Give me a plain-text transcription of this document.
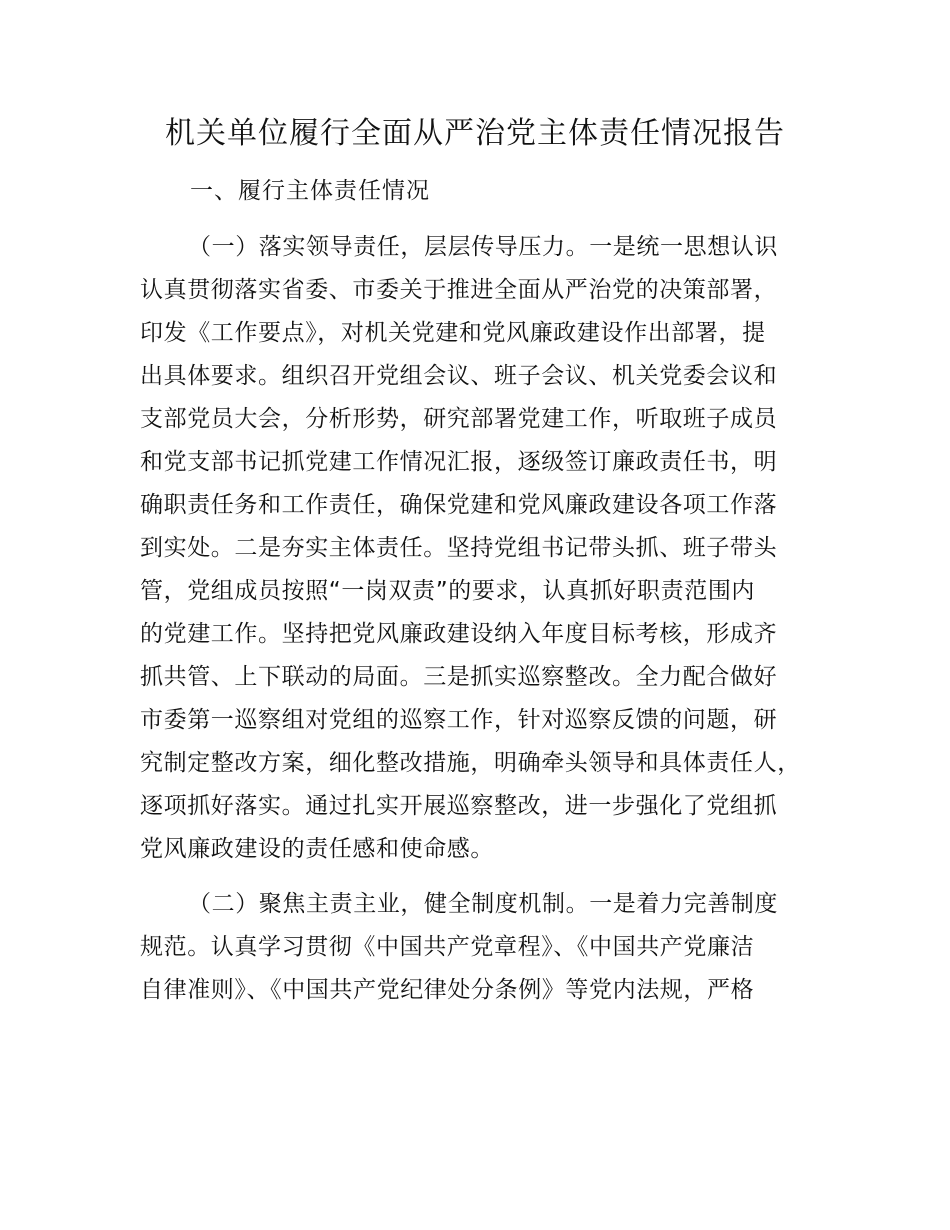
机关单位履行全面从严治党主体责任情况报告
一、履行主体责任情况
（一）落实领导责任，层层传导压力。一是统一思想认识
认真贯彻落实省委、市委关于推进全面从严治党的决策部署，
印发《工作要点》，对机关党建和党风廉政建设作出部署，提
出具体要求。组织召开党组会议、班子会议、机关党委会议和
支部党员大会，分析形势，研究部署党建工作，听取班子成员
和党支部书记抓党建工作情况汇报，逐级签订廉政责任书，明
确职责任务和工作责任，确保党建和党风廉政建设各项工作落
到实处。二是夯实主体责任。坚持党组书记带头抓、班子带头
管，党组成员按照“一岗双责”的要求，认真抓好职责范围内
的党建工作。坚持把党风廉政建设纳入年度目标考核，形成齐
抓共管、上下联动的局面。三是抓实巡察整改。全力配合做好
市委第一巡察组对党组的巡察工作，针对巡察反馈的问题，研
究制定整改方案，细化整改措施，明确牵头领导和具体责任人，
逐项抓好落实。通过扎实开展巡察整改，进一步强化了党组抓
党风廉政建设的责任感和使命感。
（二）聚焦主责主业，健全制度机制。一是着力完善制度
规范。认真学习贯彻《中国共产党章程》、《中国共产党廉洁
自律准则》、《中国共产党纪律处分条例》等党内法规，严格
